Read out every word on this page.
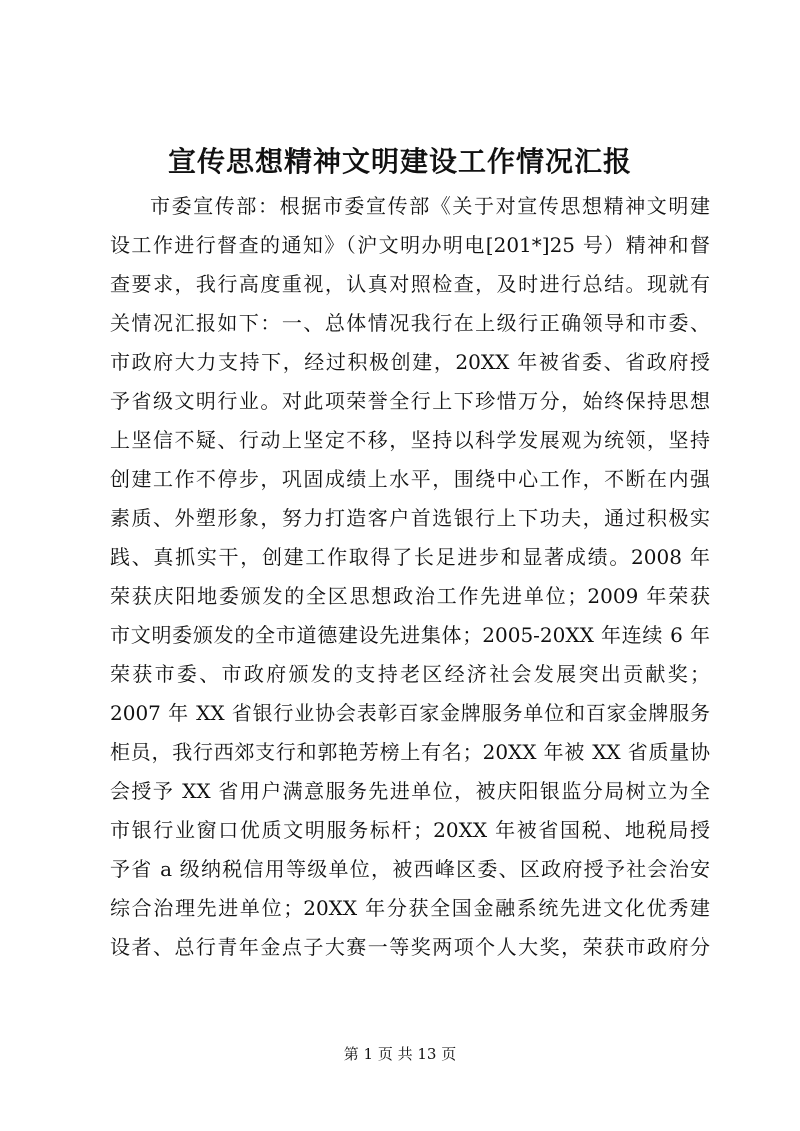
宣传思想精神文明建设工作情况汇报
市委宣传部：根据市委宣传部《关于对宣传思想精神文明建
设工作进行督查的通知》（沪文明办明电[201*]25 号）精神和督
查要求，我行高度重视，认真对照检查，及时进行总结。现就有
关情况汇报如下：一、总体情况我行在上级行正确领导和市委、
市政府大力支持下，经过积极创建，20XX 年被省委、省政府授
予省级文明行业。对此项荣誉全行上下珍惜万分，始终保持思想
上坚信不疑、行动上坚定不移，坚持以科学发展观为统领，坚持
创建工作不停步，巩固成绩上水平，围绕中心工作，不断在内强
素质、外塑形象，努力打造客户首选银行上下功夫，通过积极实
践、真抓实干，创建工作取得了长足进步和显著成绩。2008 年
荣获庆阳地委颁发的全区思想政治工作先进单位；2009 年荣获
市文明委颁发的全市道德建设先进集体；2005-20XX 年连续 6 年
荣获市委、市政府颁发的支持老区经济社会发展突出贡献奖；
2007 年 XX 省银行业协会表彰百家金牌服务单位和百家金牌服务
柜员，我行西郊支行和郭艳芳榜上有名；20XX 年被 XX 省质量协
会授予 XX 省用户满意服务先进单位，被庆阳银监分局树立为全
市银行业窗口优质文明服务标杆；20XX 年被省国税、地税局授
予省 a 级纳税信用等级单位，被西峰区委、区政府授予社会治安
综合治理先进单位；20XX 年分获全国金融系统先进文化优秀建
设者、总行青年金点子大赛一等奖两项个人大奖，荣获市政府分
第 1 页 共 13 页
